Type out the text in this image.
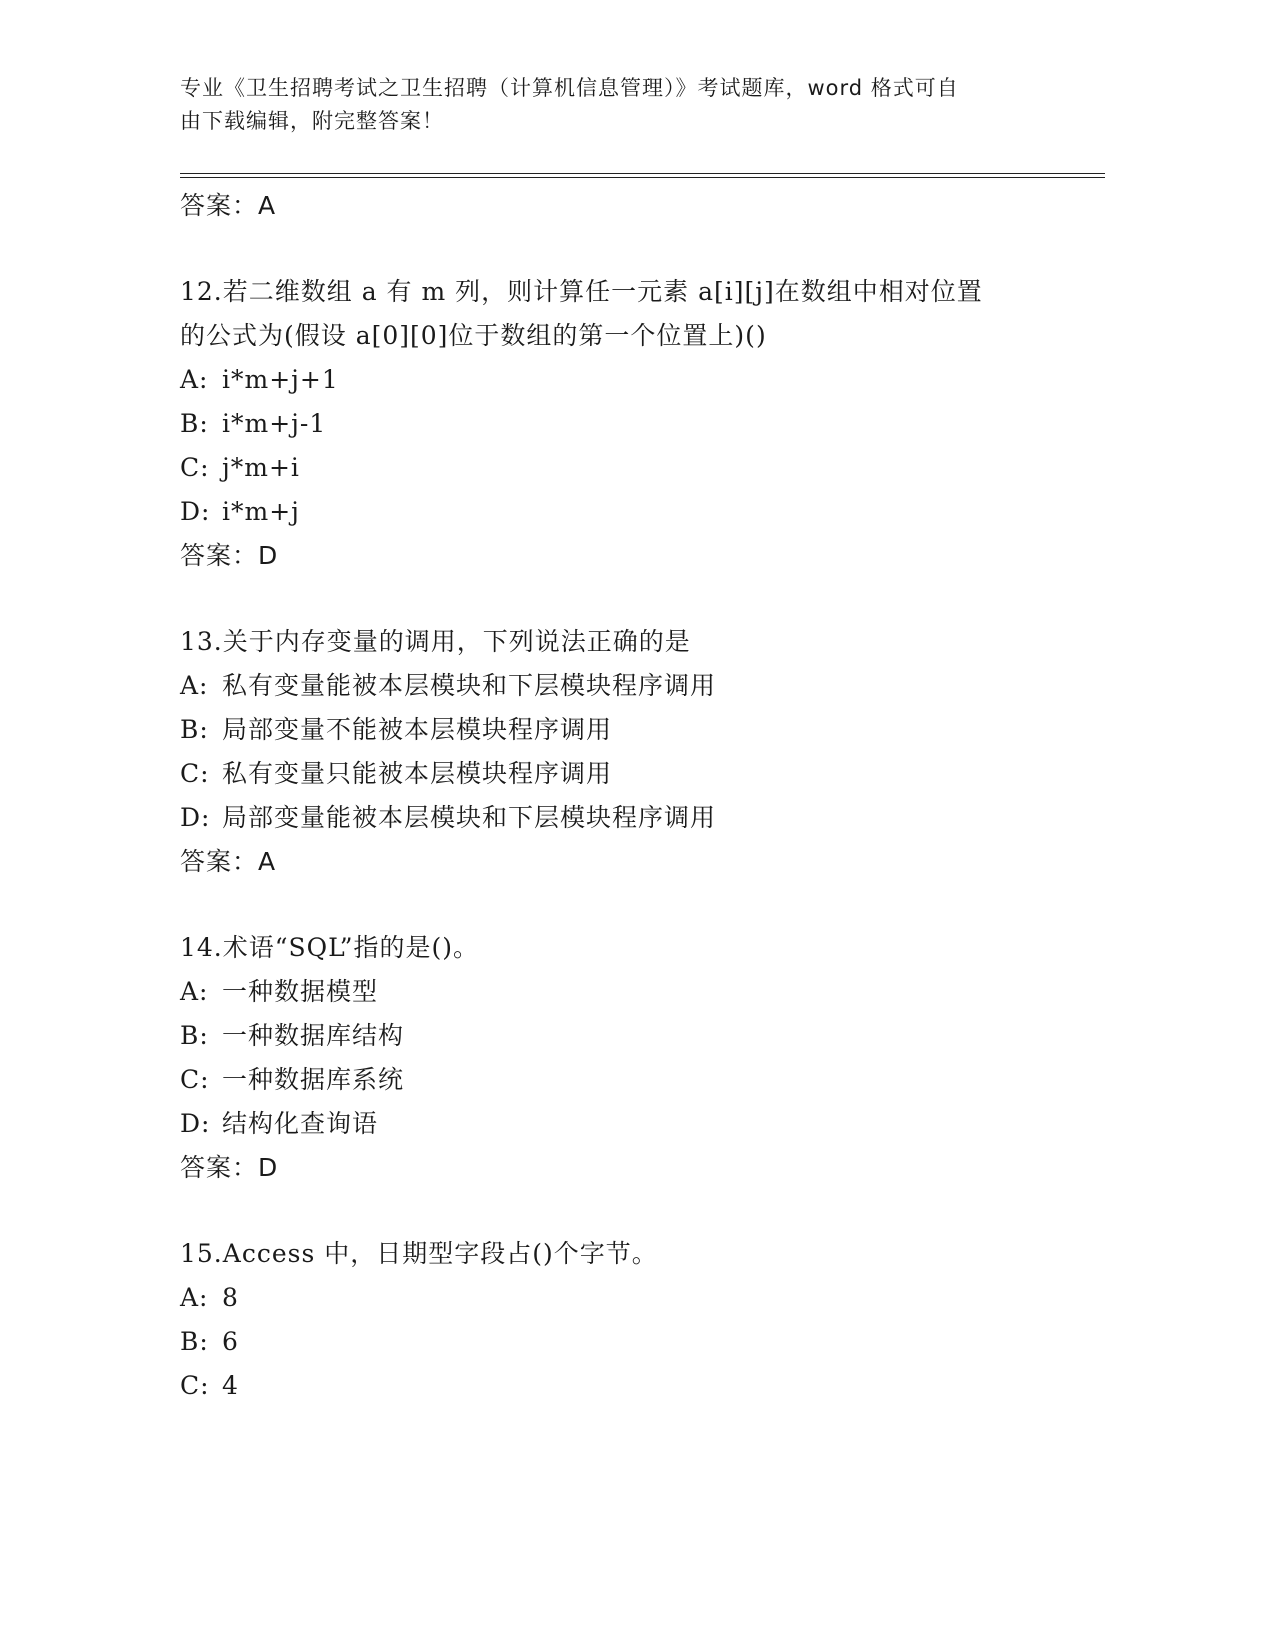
专业《卫生招聘考试之卫生招聘（计算机信息管理）》考试题库，word 格式可自
由下载编辑，附完整答案！
答案：A
12.若二维数组 a 有 m 列，则计算任一元素 a[i][j]在数组中相对位置
的公式为(假设 a[0][0]位于数组的第一个位置上)()
A: i*m+j+1
B: i*m+j-1
C: j*m+i
D: i*m+j
答案：D
13.关于内存变量的调用，下列说法正确的是
A: 私有变量能被本层模块和下层模块程序调用
B: 局部变量不能被本层模块程序调用
C: 私有变量只能被本层模块程序调用
D: 局部变量能被本层模块和下层模块程序调用
答案：A
14.术语“SQL”指的是()。
A: 一种数据模型
B: 一种数据库结构
C: 一种数据库系统
D: 结构化查询语
答案：D
15.Access 中，日期型字段占()个字节。
A: 8
B: 6
C: 4
